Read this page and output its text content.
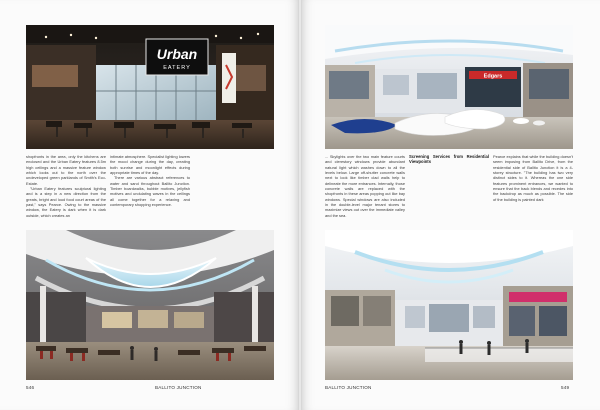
Urban
EATERY
Edgars

shopfronts in the area, only the kitchens are enclosed and the Urban Eatery features 8.5m high ceilings and a massive feature window which looks out to the north over the undeveloped green parklands of Smith's Eco-Estate.

"Urban Eatery features sculptural lighting and is a step in a new direction from the greats, bright and loud food court areas of the past," says Pearce. Owing to the massive window, the Eatery is dark when it is dark outside, which creates an

intimate atmosphere. Specialist lighting lowers the mood change during the day, creating both sunrise and moonlight effects during appropriate times of the day.

There are various abstract references to water and sand throughout Ballito Junction. Timber boardwalks, bubble motives, jellyfish motives and undulating waves in the ceilings all come together for a relaxing and contemporary shopping experience.

... Skylights over the two main feature courts and clerestory windows provide abundant natural light which washes down to all the levels below. Large off-shutter concrete walls next to look like timber clad walls help to delineate the more entrances. Internally, those concrete walls are replaced with the shopfronts in these areas popping out like bay windows. Special windows are also included in the double-level major tenant stores to maximize views out over the immediate valley and the sea.

Screening Services from Residential Viewpoints

Pearce explains that while the building doesn't seem imposing from Ballito Drive, from the residential side of Ballito Junction it is a 4-storey structure. "The building has two very distinct sides to it. Whereas the one side features prominent entrances, we wanted to ensure that the back blends and recedes into the backdrop as much as possible. The side of the building is painted dark

546	BALLITO JUNCTION	BALLITO JUNCTION	549
